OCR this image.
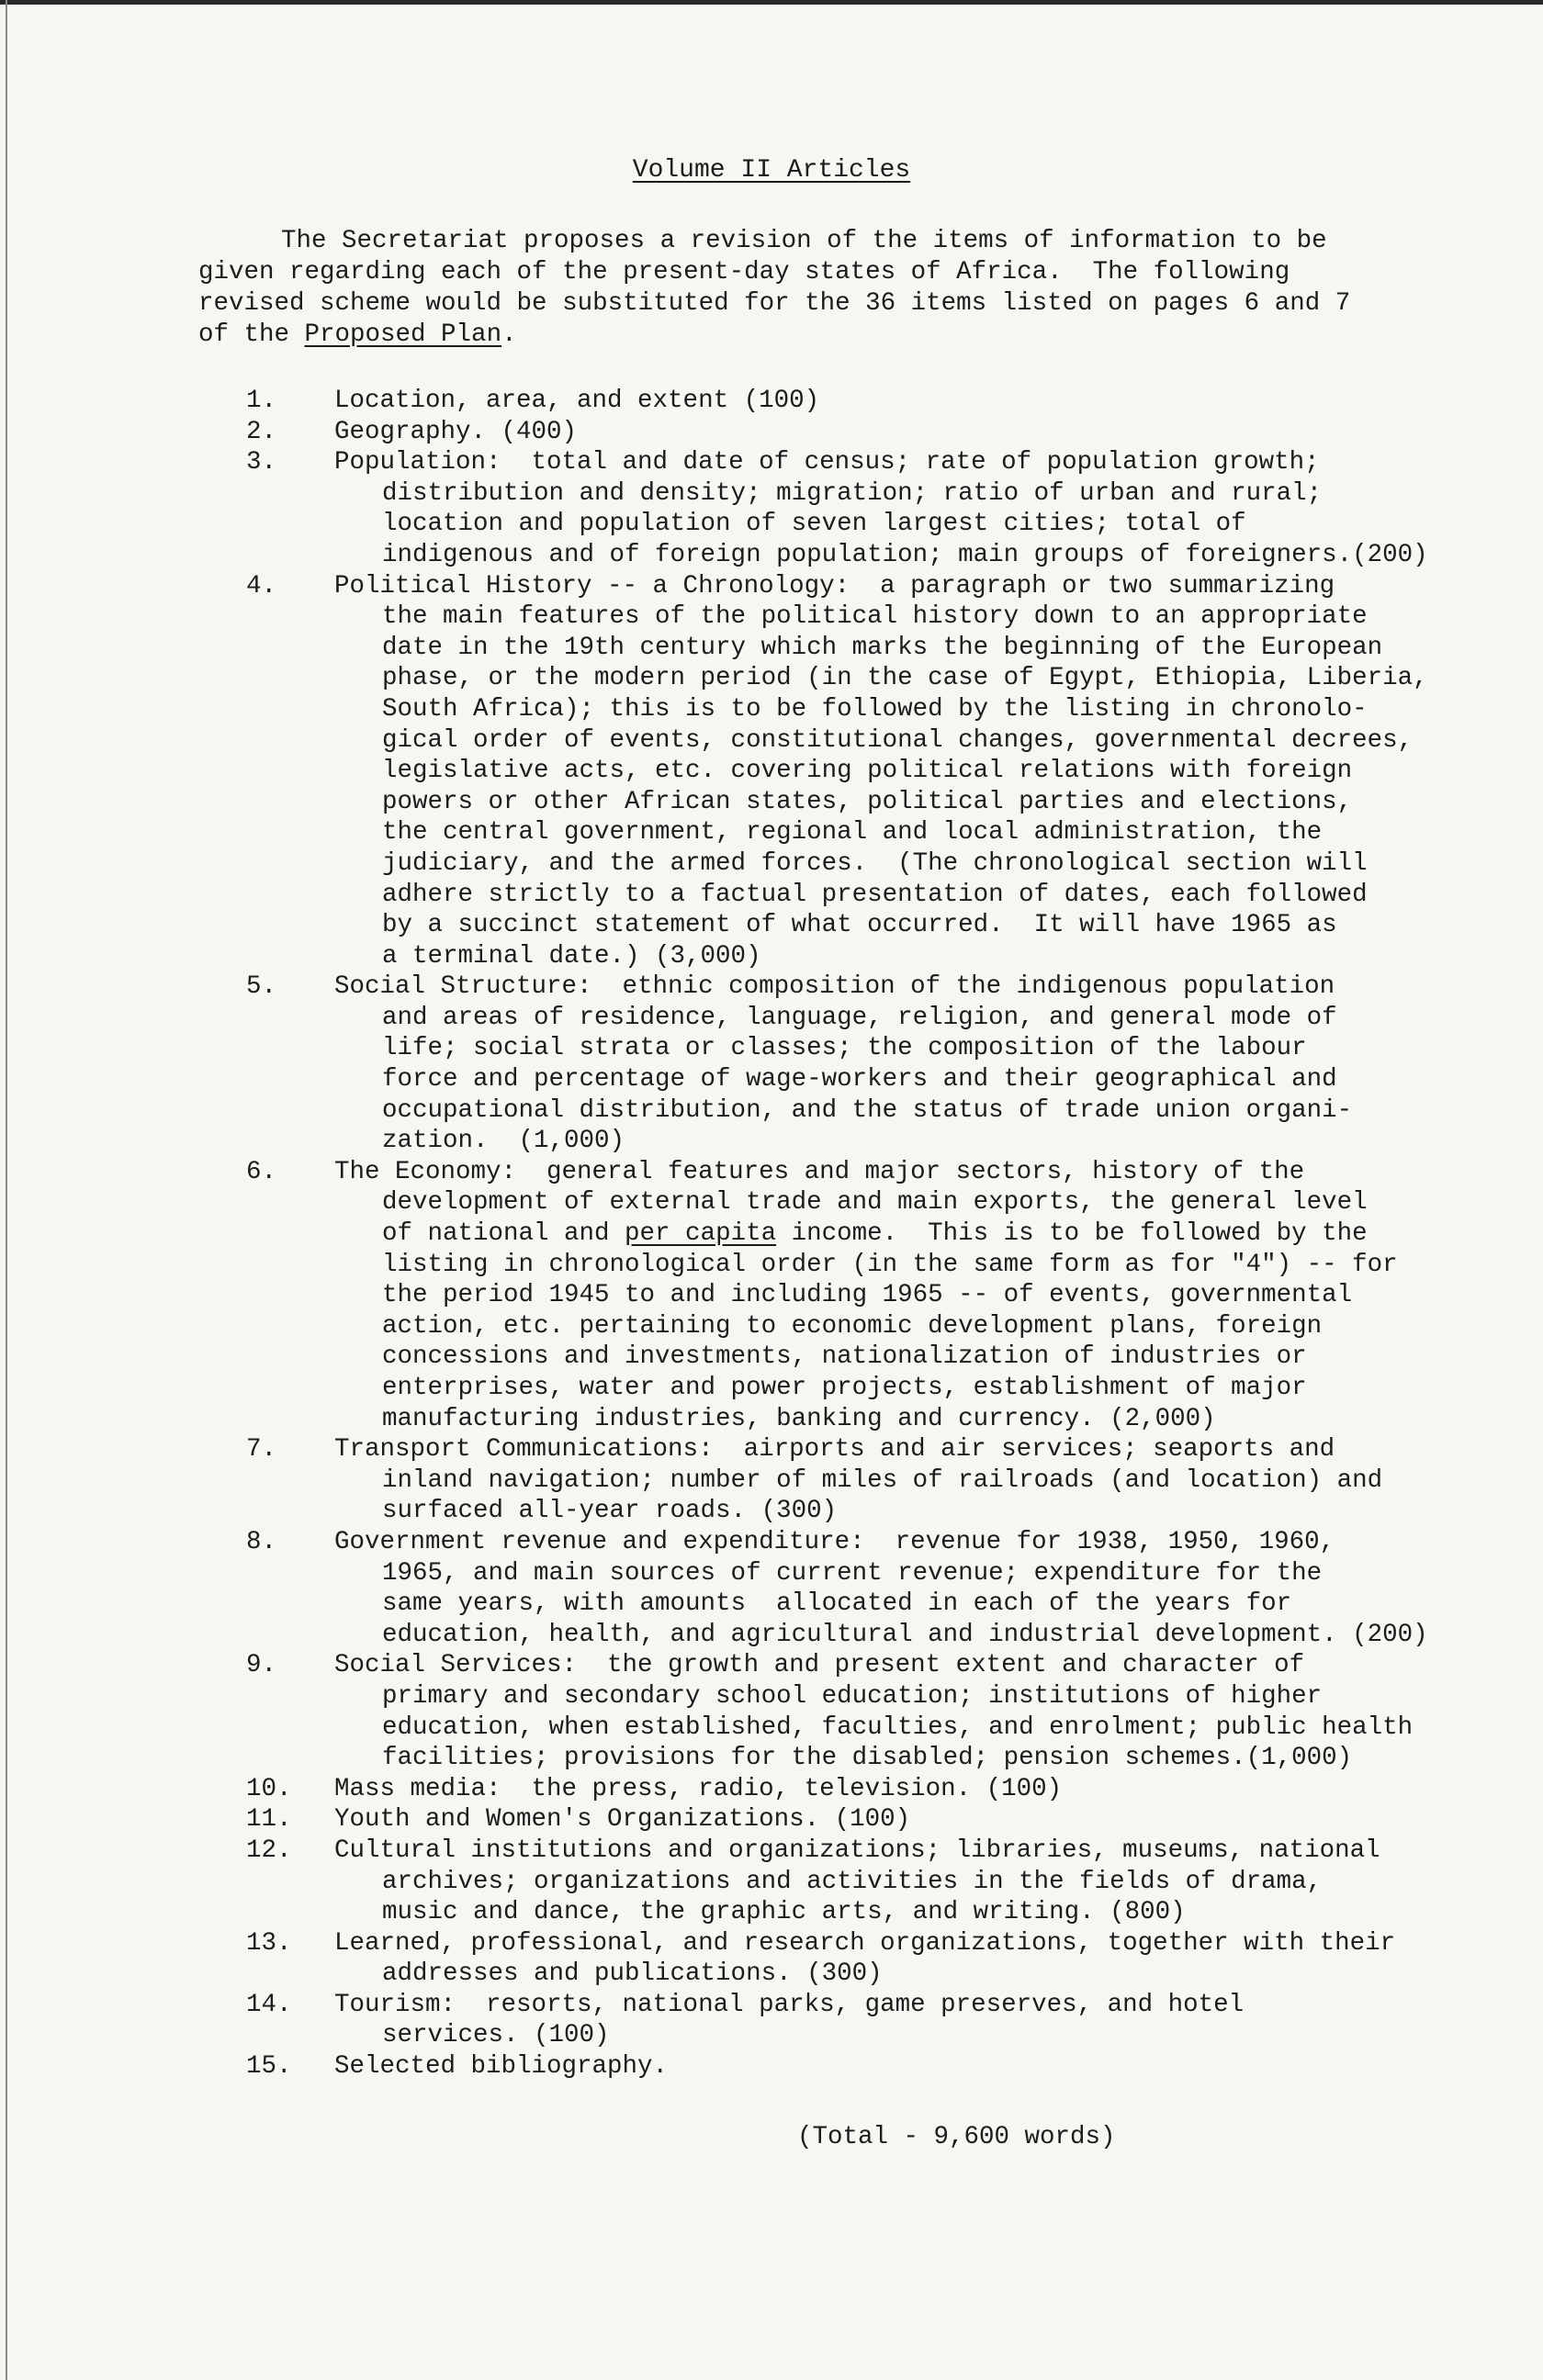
Volume II Articles
The Secretariat proposes a revision of the items of information to be
given regarding each of the present-day states of Africa.  The following
revised scheme would be substituted for the 36 items listed on pages 6 and 7
of the Proposed Plan.
1.	Location, area, and extent (100)
2.	Geography. (400)
3.	Population:  total and date of census; rate of population growth;
distribution and density; migration; ratio of urban and rural;
location and population of seven largest cities; total of
indigenous and of foreign population; main groups of foreigners.(200)
4.	Political History -- a Chronology:  a paragraph or two summarizing
the main features of the political history down to an appropriate
date in the 19th century which marks the beginning of the European
phase, or the modern period (in the case of Egypt, Ethiopia, Liberia,
South Africa); this is to be followed by the listing in chronolo-
gical order of events, constitutional changes, governmental decrees,
legislative acts, etc. covering political relations with foreign
powers or other African states, political parties and elections,
the central government, regional and local administration, the
judiciary, and the armed forces.  (The chronological section will
adhere strictly to a factual presentation of dates, each followed
by a succinct statement of what occurred.  It will have 1965 as
a terminal date.) (3,000)
5.	Social Structure:  ethnic composition of the indigenous population
and areas of residence, language, religion, and general mode of
life; social strata or classes; the composition of the labour
force and percentage of wage-workers and their geographical and
occupational distribution, and the status of trade union organi-
zation.  (1,000)
6.	The Economy:  general features and major sectors, history of the
development of external trade and main exports, the general level
of national and per capita income.  This is to be followed by the
listing in chronological order (in the same form as for "4") -- for
the period 1945 to and including 1965 -- of events, governmental
action, etc. pertaining to economic development plans, foreign
concessions and investments, nationalization of industries or
enterprises, water and power projects, establishment of major
manufacturing industries, banking and currency. (2,000)
7.	Transport Communications:  airports and air services; seaports and
inland navigation; number of miles of railroads (and location) and
surfaced all-year roads. (300)
8.	Government revenue and expenditure:  revenue for 1938, 1950, 1960,
1965, and main sources of current revenue; expenditure for the
same years, with amounts  allocated in each of the years for
education, health, and agricultural and industrial development. (200)
9.	Social Services:  the growth and present extent and character of
primary and secondary school education; institutions of higher
education, when established, faculties, and enrolment; public health
facilities; provisions for the disabled; pension schemes.(1,000)
10.	Mass media:  the press, radio, television. (100)
11.	Youth and Women's Organizations. (100)
12.	Cultural institutions and organizations; libraries, museums, national
archives; organizations and activities in the fields of drama,
music and dance, the graphic arts, and writing. (800)
13.	Learned, professional, and research organizations, together with their
addresses and publications. (300)
14.	Tourism:  resorts, national parks, game preserves, and hotel
services. (100)
15.	Selected bibliography.
(Total - 9,600 words)
